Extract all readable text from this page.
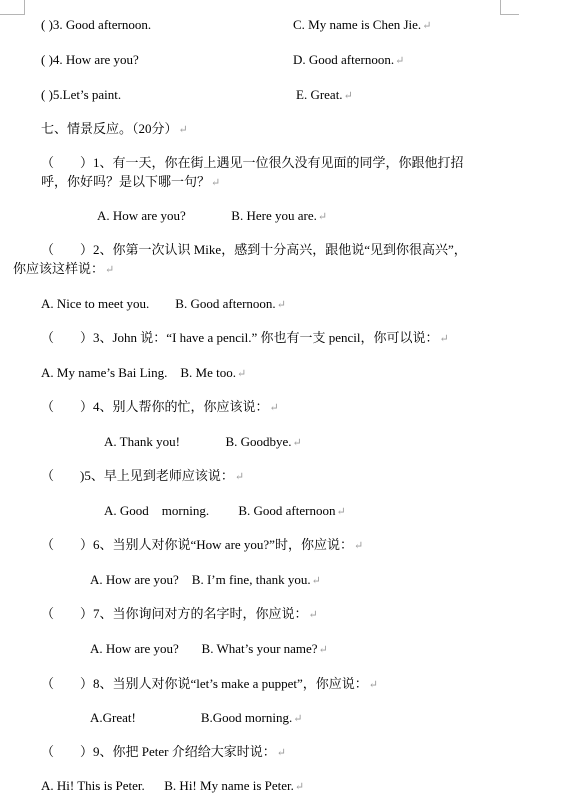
( )3. Good afternoon.	C. My name is Chen Jie.↵
( )4. How are you?	D. Good afternoon.↵
( )5.Let’s paint.	E. Great.↵
七、情景反应。（20分）↵
（        ）1、有一天，你在街上遇见一位很久没有见面的同学，你跟他打招
呼，你好吗？是以下哪一句？↵
A. How are you?              B. Here you are.↵
（        ）2、你第一次认识 Mike，感到十分高兴，跟他说“见到你很高兴”，
你应该这样说：↵
A. Nice to meet you.        B. Good afternoon.↵
（        ）3、John 说：“I have a pencil.” 你也有一支 pencil，你可以说：↵
A. My name’s Bai Ling.    B. Me too.↵
（        ）4、别人帮你的忙，你应该说：↵
A. Thank you!              B. Goodbye.↵
（        )5、早上见到老师应该说：↵
A. Good    morning.         B. Good afternoon↵
（        ）6、当别人对你说“How are you?”时，你应说：↵
A. How are you?    B. I’m fine, thank you.↵
（        ）7、当你询问对方的名字时，你应说：↵
A. How are you?       B. What’s your name?↵
（        ）8、当别人对你说“let’s make a puppet”，你应说：↵
A.Great!                    B.Good morning.↵
（        ）9、你把 Peter 介绍给大家时说：↵
A. Hi! This is Peter.      B. Hi! My name is Peter.↵
